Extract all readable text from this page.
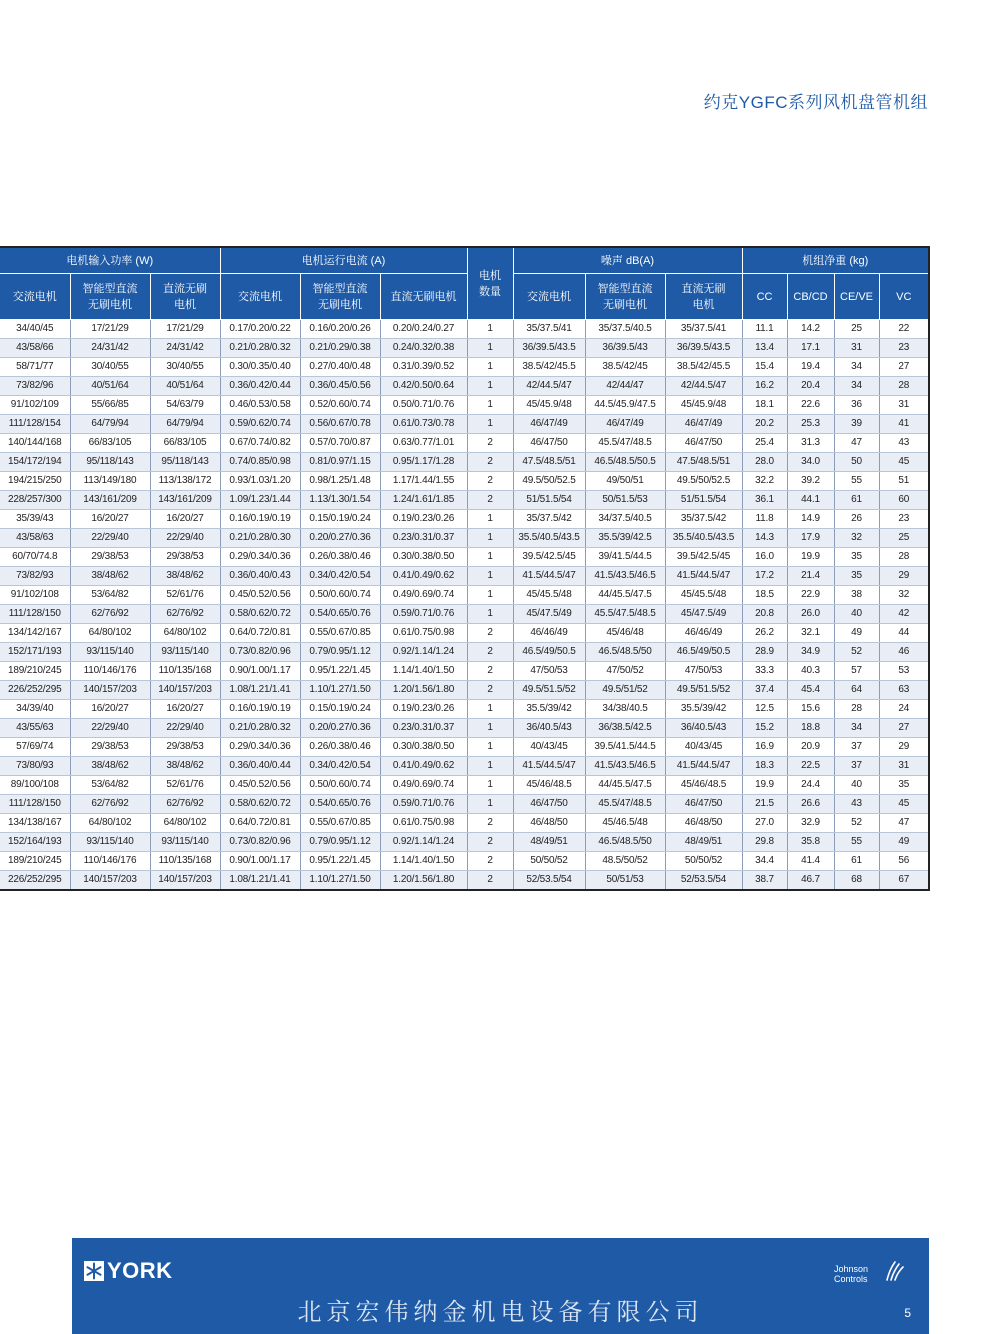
约克YGFC系列风机盘管机组
电机输入功率 (W)			电机运行电流 (A)			电机数量	噪声 dB(A)			机组净重 (kg)			
交流电机	智能型直流无刷电机	直流无刷电机	交流电机	智能型直流无刷电机	直流无刷电机		交流电机	智能型直流无刷电机	直流无刷电机	CC	CB/CD	CE/VE	VC
34/40/45	17/21/29	17/21/29	0.17/0.20/0.22	0.16/0.20/0.26	0.20/0.24/0.27	1	35/37.5/41	35/37.5/40.5	35/37.5/41	11.1	14.2	25	22
43/58/66	24/31/42	24/31/42	0.21/0.28/0.32	0.21/0.29/0.38	0.24/0.32/0.38	1	36/39.5/43.5	36/39.5/43	36/39.5/43.5	13.4	17.1	31	23
58/71/77	30/40/55	30/40/55	0.30/0.35/0.40	0.27/0.40/0.48	0.31/0.39/0.52	1	38.5/42/45.5	38.5/42/45	38.5/42/45.5	15.4	19.4	34	27
73/82/96	40/51/64	40/51/64	0.36/0.42/0.44	0.36/0.45/0.56	0.42/0.50/0.64	1	42/44.5/47	42/44/47	42/44.5/47	16.2	20.4	34	28
91/102/109	55/66/85	54/63/79	0.46/0.53/0.58	0.52/0.60/0.74	0.50/0.71/0.76	1	45/45.9/48	44.5/45.9/47.5	45/45.9/48	18.1	22.6	36	31
111/128/154	64/79/94	64/79/94	0.59/0.62/0.74	0.56/0.67/0.78	0.61/0.73/0.78	1	46/47/49	46/47/49	46/47/49	20.2	25.3	39	41
140/144/168	66/83/105	66/83/105	0.67/0.74/0.82	0.57/0.70/0.87	0.63/0.77/1.01	2	46/47/50	45.5/47/48.5	46/47/50	25.4	31.3	47	43
154/172/194	95/118/143	95/118/143	0.74/0.85/0.98	0.81/0.97/1.15	0.95/1.17/1.28	2	47.5/48.5/51	46.5/48.5/50.5	47.5/48.5/51	28.0	34.0	50	45
194/215/250	113/149/180	113/138/172	0.93/1.03/1.20	0.98/1.25/1.48	1.17/1.44/1.55	2	49.5/50/52.5	49/50/51	49.5/50/52.5	32.2	39.2	55	51
228/257/300	143/161/209	143/161/209	1.09/1.23/1.44	1.13/1.30/1.54	1.24/1.61/1.85	2	51/51.5/54	50/51.5/53	51/51.5/54	36.1	44.1	61	60
35/39/43	16/20/27	16/20/27	0.16/0.19/0.19	0.15/0.19/0.24	0.19/0.23/0.26	1	35/37.5/42	34/37.5/40.5	35/37.5/42	11.8	14.9	26	23
43/58/63	22/29/40	22/29/40	0.21/0.28/0.30	0.20/0.27/0.36	0.23/0.31/0.37	1	35.5/40.5/43.5	35.5/39/42.5	35.5/40.5/43.5	14.3	17.9	32	25
60/70/74.8	29/38/53	29/38/53	0.29/0.34/0.36	0.26/0.38/0.46	0.30/0.38/0.50	1	39.5/42.5/45	39/41.5/44.5	39.5/42.5/45	16.0	19.9	35	28
73/82/93	38/48/62	38/48/62	0.36/0.40/0.43	0.34/0.42/0.54	0.41/0.49/0.62	1	41.5/44.5/47	41.5/43.5/46.5	41.5/44.5/47	17.2	21.4	35	29
91/102/108	53/64/82	52/61/76	0.45/0.52/0.56	0.50/0.60/0.74	0.49/0.69/0.74	1	45/45.5/48	44/45.5/47.5	45/45.5/48	18.5	22.9	38	32
111/128/150	62/76/92	62/76/92	0.58/0.62/0.72	0.54/0.65/0.76	0.59/0.71/0.76	1	45/47.5/49	45.5/47.5/48.5	45/47.5/49	20.8	26.0	40	42
134/142/167	64/80/102	64/80/102	0.64/0.72/0.81	0.55/0.67/0.85	0.61/0.75/0.98	2	46/46/49	45/46/48	46/46/49	26.2	32.1	49	44
152/171/193	93/115/140	93/115/140	0.73/0.82/0.96	0.79/0.95/1.12	0.92/1.14/1.24	2	46.5/49/50.5	46.5/48.5/50	46.5/49/50.5	28.9	34.9	52	46
189/210/245	110/146/176	110/135/168	0.90/1.00/1.17	0.95/1.22/1.45	1.14/1.40/1.50	2	47/50/53	47/50/52	47/50/53	33.3	40.3	57	53
226/252/295	140/157/203	140/157/203	1.08/1.21/1.41	1.10/1.27/1.50	1.20/1.56/1.80	2	49.5/51.5/52	49.5/51/52	49.5/51.5/52	37.4	45.4	64	63
34/39/40	16/20/27	16/20/27	0.16/0.19/0.19	0.15/0.19/0.24	0.19/0.23/0.26	1	35.5/39/42	34/38/40.5	35.5/39/42	12.5	15.6	28	24
43/55/63	22/29/40	22/29/40	0.21/0.28/0.32	0.20/0.27/0.36	0.23/0.31/0.37	1	36/40.5/43	36/38.5/42.5	36/40.5/43	15.2	18.8	34	27
57/69/74	29/38/53	29/38/53	0.29/0.34/0.36	0.26/0.38/0.46	0.30/0.38/0.50	1	40/43/45	39.5/41.5/44.5	40/43/45	16.9	20.9	37	29
73/80/93	38/48/62	38/48/62	0.36/0.40/0.44	0.34/0.42/0.54	0.41/0.49/0.62	1	41.5/44.5/47	41.5/43.5/46.5	41.5/44.5/47	18.3	22.5	37	31
89/100/108	53/64/82	52/61/76	0.45/0.52/0.56	0.50/0.60/0.74	0.49/0.69/0.74	1	45/46/48.5	44/45.5/47.5	45/46/48.5	19.9	24.4	40	35
111/128/150	62/76/92	62/76/92	0.58/0.62/0.72	0.54/0.65/0.76	0.59/0.71/0.76	1	46/47/50	45.5/47/48.5	46/47/50	21.5	26.6	43	45
134/138/167	64/80/102	64/80/102	0.64/0.72/0.81	0.55/0.67/0.85	0.61/0.75/0.98	2	46/48/50	45/46.5/48	46/48/50	27.0	32.9	52	47
152/164/193	93/115/140	93/115/140	0.73/0.82/0.96	0.79/0.95/1.12	0.92/1.14/1.24	2	48/49/51	46.5/48.5/50	48/49/51	29.8	35.8	55	49
189/210/245	110/146/176	110/135/168	0.90/1.00/1.17	0.95/1.22/1.45	1.14/1.40/1.50	2	50/50/52	48.5/50/52	50/50/52	34.4	41.4	61	56
226/252/295	140/157/203	140/157/203	1.08/1.21/1.41	1.10/1.27/1.50	1.20/1.56/1.80	2	52/53.5/54	50/51/53	52/53.5/54	38.7	46.7	68	67
YORK	Johnson Controls
北京宏伟纳金机电设备有限公司	5
